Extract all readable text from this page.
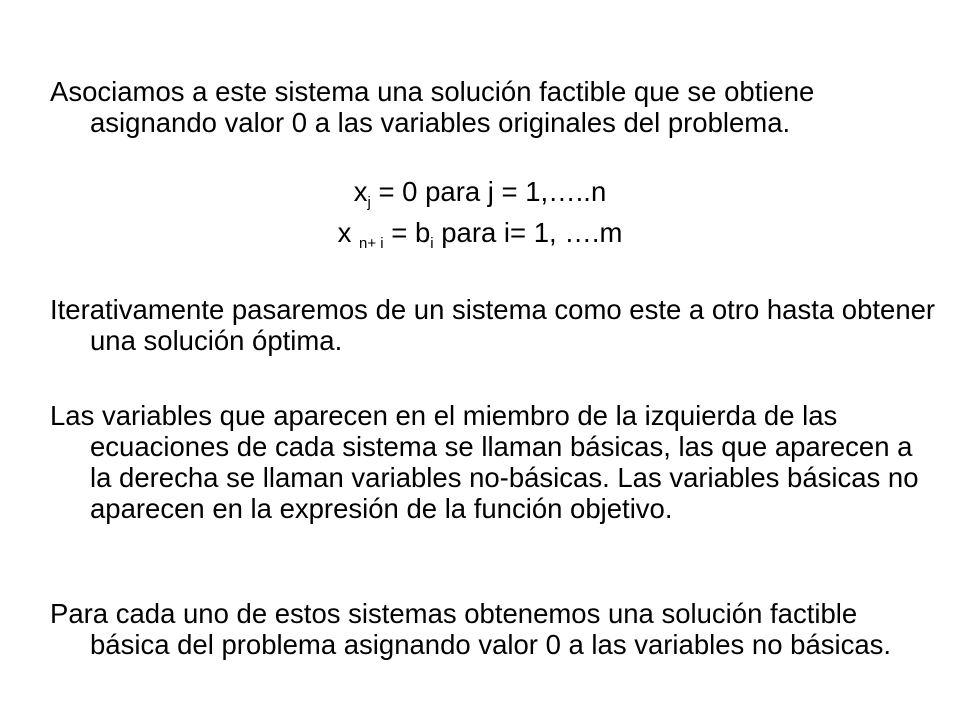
Asociamos a este sistema una solución factible que se obtiene asignando valor 0 a las variables originales del problema.

$x_j = 0$ para j = 1,…..n

x $_{n+ i} = b_i$ para i= 1, ….m

Iterativamente pasaremos de un sistema como este a otro hasta obtener una solución óptima.

Las variables que aparecen en el miembro de la izquierda de las ecuaciones de cada sistema se llaman básicas, las que aparecen a la derecha se llaman variables no-básicas. Las variables básicas no aparecen en la expresión de la función objetivo.

Para cada uno de estos sistemas obtenemos una solución factible básica del problema asignando valor 0 a las variables no básicas.
